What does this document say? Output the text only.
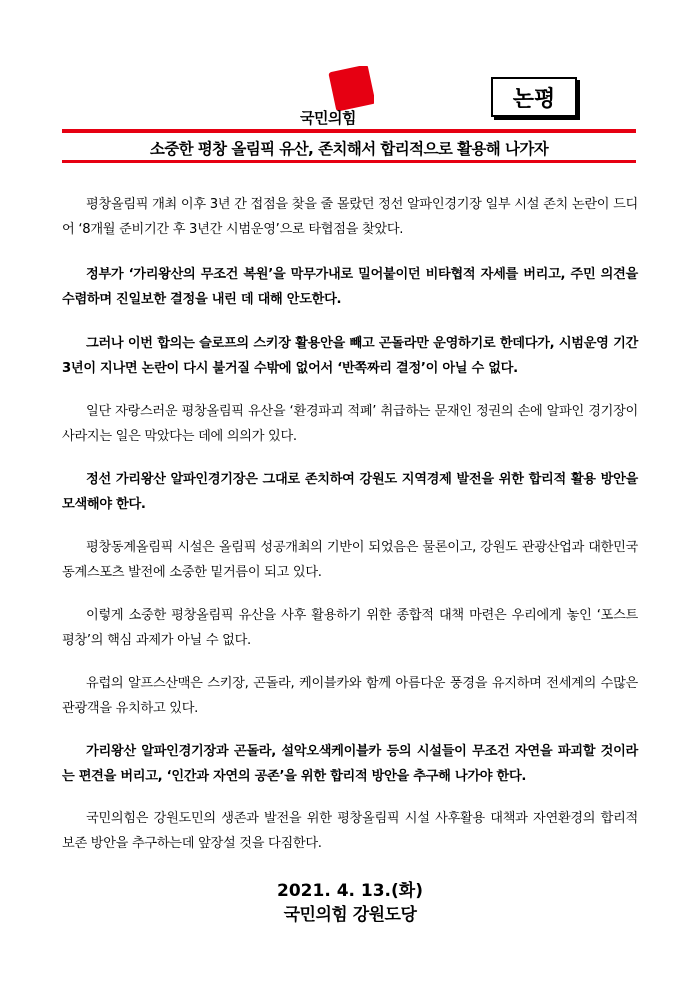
국민의힘
논평
소중한 평창 올림픽 유산, 존치해서 합리적으로 활용해 나가자

평창올림픽 개최 이후 3년 간 접점을 찾을 줄 몰랐던 정선 알파인경기장 일부 시설 존치 논란이 드디어 ‘8개월 준비기간 후 3년간 시범운영’으로 타협점을 찾았다.

정부가 ‘가리왕산의 무조건 복원’을 막무가내로 밀어붙이던 비타협적 자세를 버리고, 주민 의견을 수렴하며 진일보한 결정을 내린 데 대해 안도한다.

그러나 이번 합의는 슬로프의 스키장 활용안을 빼고 곤돌라만 운영하기로 한데다가, 시범운영 기간 3년이 지나면 논란이 다시 불거질 수밖에 없어서 ‘반쪽짜리 결정’이 아닐 수 없다.

일단 자랑스러운 평창올림픽 유산을 ‘환경파괴 적폐’ 취급하는 문재인 정권의 손에 알파인 경기장이 사라지는 일은 막았다는 데에 의의가 있다.

정선 가리왕산 알파인경기장은 그대로 존치하여 강원도 지역경제 발전을 위한 합리적 활용 방안을 모색해야 한다.

평창동계올림픽 시설은 올림픽 성공개최의 기반이 되었음은 물론이고, 강원도 관광산업과 대한민국 동계스포츠 발전에 소중한 밑거름이 되고 있다.

이렇게 소중한 평창올림픽 유산을 사후 활용하기 위한 종합적 대책 마련은 우리에게 놓인 ‘포스트 평창’의 핵심 과제가 아닐 수 없다.

유럽의 알프스산맥은 스키장, 곤돌라, 케이블카와 함께 아름다운 풍경을 유지하며 전세계의 수많은 관광객을 유치하고 있다.

가리왕산 알파인경기장과 곤돌라, 설악오색케이블카 등의 시설들이 무조건 자연을 파괴할 것이라는 편견을 버리고, ‘인간과 자연의 공존’을 위한 합리적 방안을 추구해 나가야 한다.

국민의힘은 강원도민의 생존과 발전을 위한 평창올림픽 시설 사후활용 대책과 자연환경의 합리적 보존 방안을 추구하는데 앞장설 것을 다짐한다.

2021. 4. 13.(화)
국민의힘 강원도당
